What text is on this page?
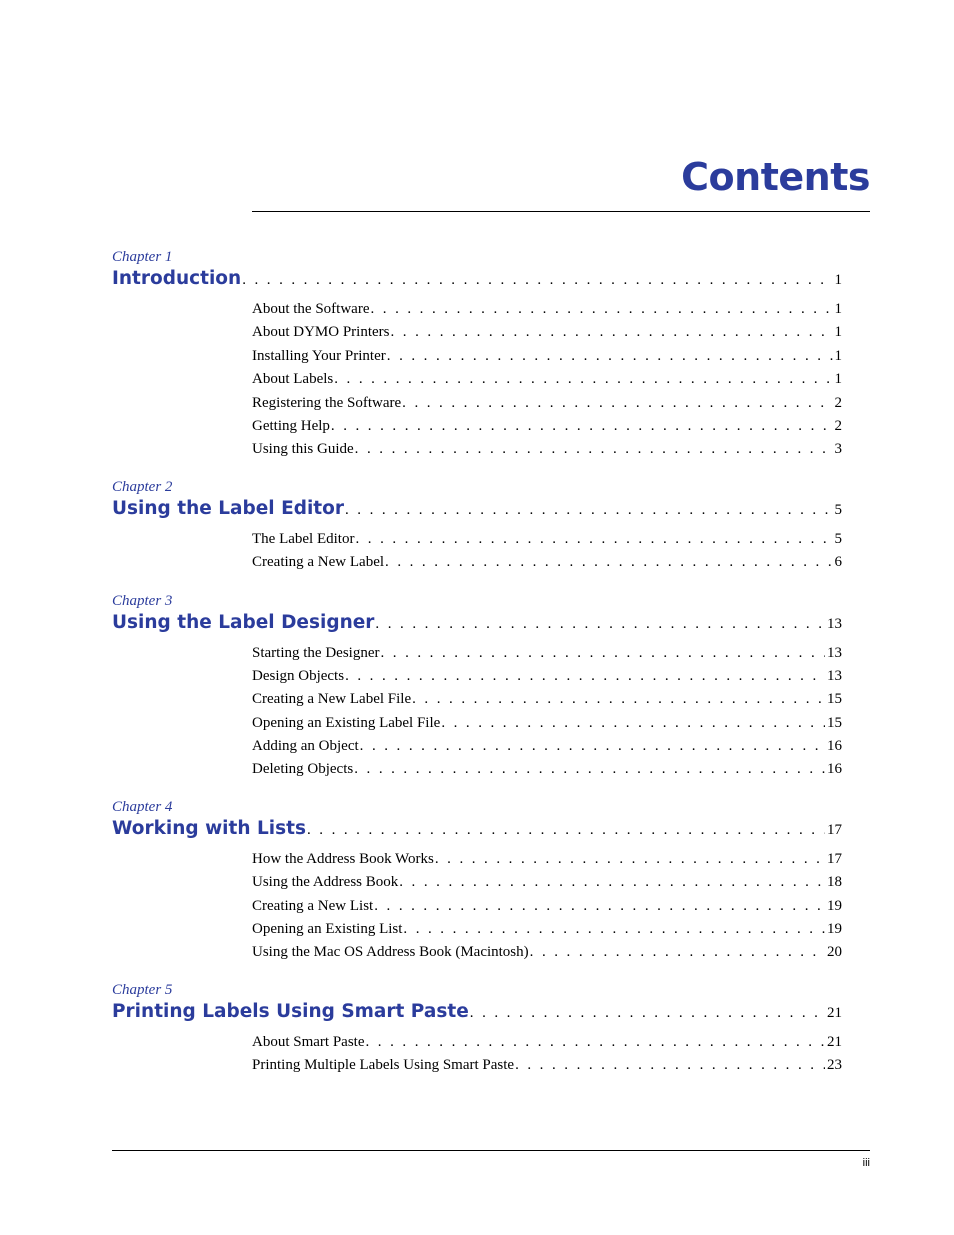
Contents
Chapter 1
Introduction . . .	1
About the Software . . .	1
About DYMO Printers . . .	1
Installing Your Printer . . .	1
About Labels . . .	1
Registering the Software . . .	2
Getting Help . . .	2
Using this Guide . . .	3
Chapter 2
Using the Label Editor . . .	5
The Label Editor . . .	5
Creating a New Label . . .	6
Chapter 3
Using the Label Designer . . .	13
Starting the Designer . . .	13
Design Objects . . .	13
Creating a New Label File . . .	15
Opening an Existing Label File . . .	15
Adding an Object . . .	16
Deleting Objects . . .	16
Chapter 4
Working with Lists . . .	17
How the Address Book Works . . .	17
Using the Address Book . . .	18
Creating a New List . . .	19
Opening an Existing List . . .	19
Using the Mac OS Address Book (Macintosh) . . .	20
Chapter 5
Printing Labels Using Smart Paste . . .	21
About Smart Paste . . .	21
Printing Multiple Labels Using Smart Paste . . .	23
iii
